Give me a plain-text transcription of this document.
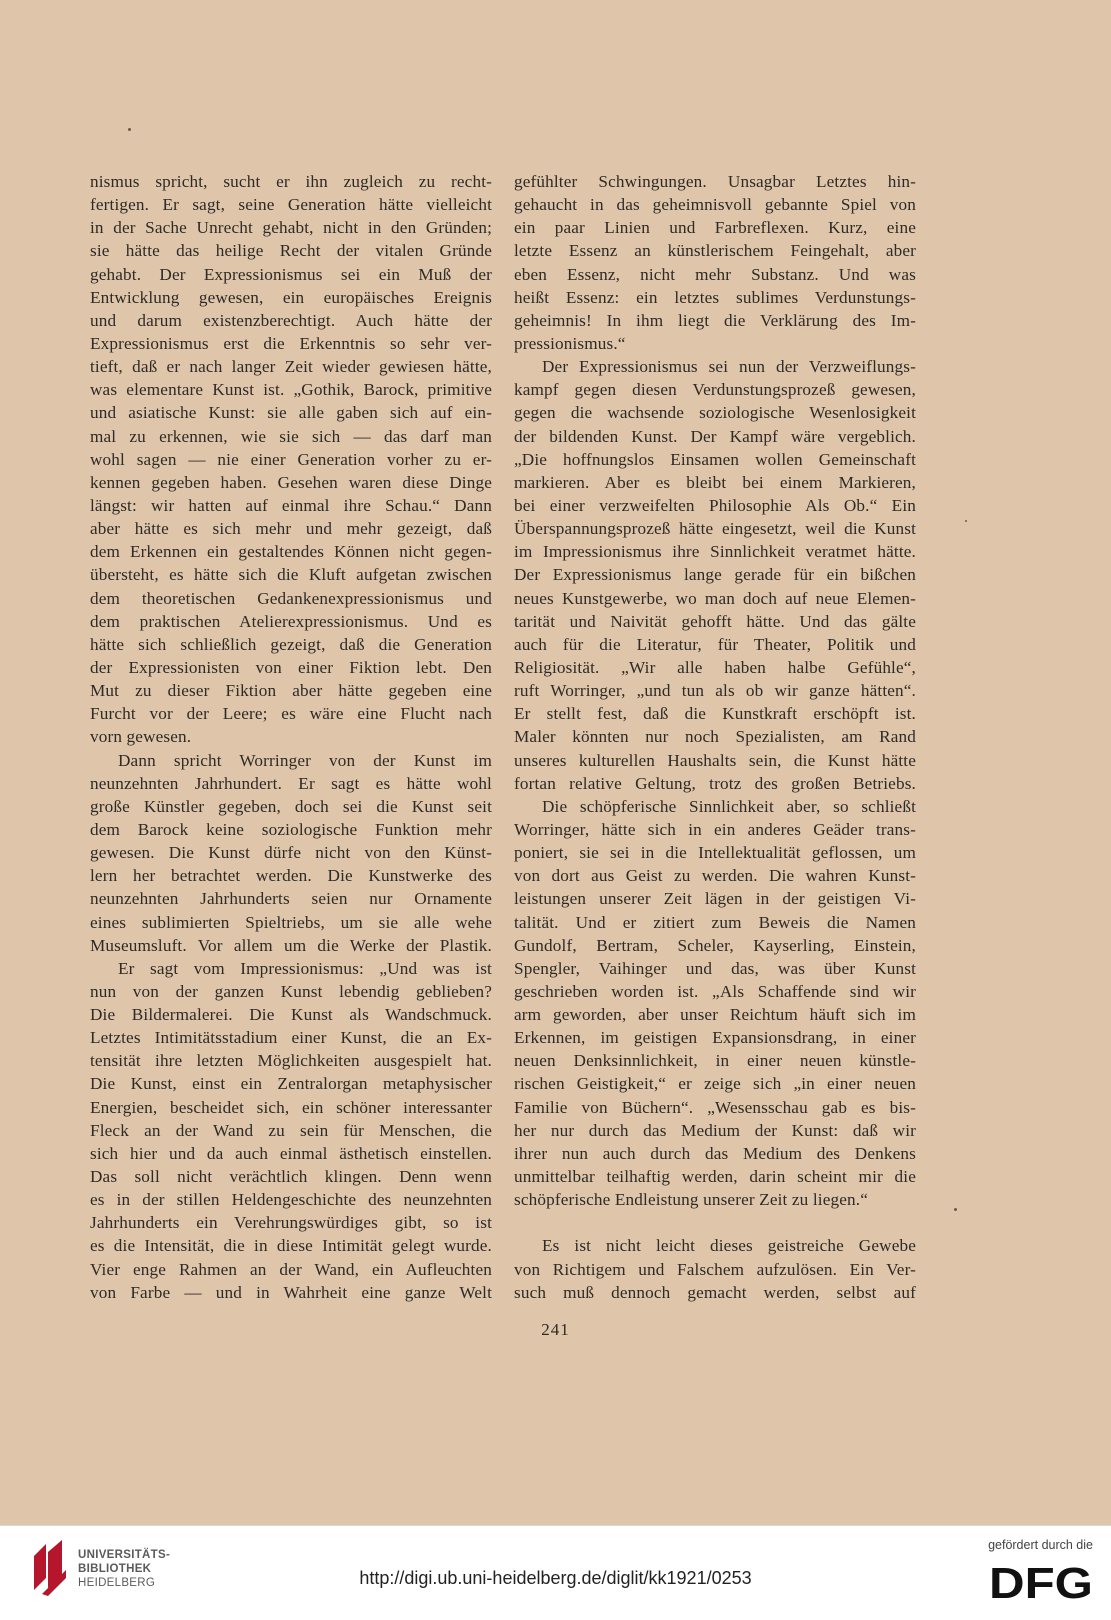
nismus spricht, sucht er ihn zugleich zu recht-
fertigen. Er sagt, seine Generation hätte vielleicht
in der Sache Unrecht gehabt, nicht in den Gründen;
sie hätte das heilige Recht der vitalen Gründe
gehabt. Der Expressionismus sei ein Muß der
Entwicklung gewesen, ein europäisches Ereignis
und darum existenzberechtigt. Auch hätte der
Expressionismus erst die Erkenntnis so sehr ver-
tieft, daß er nach langer Zeit wieder gewiesen hätte,
was elementare Kunst ist. „Gothik, Barock, primitive
und asiatische Kunst: sie alle gaben sich auf ein-
mal zu erkennen, wie sie sich — das darf man
wohl sagen — nie einer Generation vorher zu er-
kennen gegeben haben. Gesehen waren diese Dinge
längst: wir hatten auf einmal ihre Schau.“ Dann
aber hätte es sich mehr und mehr gezeigt, daß
dem Erkennen ein gestaltendes Können nicht gegen-
übersteht, es hätte sich die Kluft aufgetan zwischen
dem theoretischen Gedankenexpressionismus und
dem praktischen Atelierexpressionismus. Und es
hätte sich schließlich gezeigt, daß die Generation
der Expressionisten von einer Fiktion lebt. Den
Mut zu dieser Fiktion aber hätte gegeben eine
Furcht vor der Leere; es wäre eine Flucht nach
vorn gewesen.
Dann spricht Worringer von der Kunst im
neunzehnten Jahrhundert. Er sagt es hätte wohl
große Künstler gegeben, doch sei die Kunst seit
dem Barock keine soziologische Funktion mehr
gewesen. Die Kunst dürfe nicht von den Künst-
lern her betrachtet werden. Die Kunstwerke des
neunzehnten Jahrhunderts seien nur Ornamente
eines sublimierten Spieltriebs, um sie alle wehe
Museumsluft. Vor allem um die Werke der Plastik.
Er sagt vom Impressionismus: „Und was ist
nun von der ganzen Kunst lebendig geblieben?
Die Bildermalerei. Die Kunst als Wandschmuck.
Letztes Intimitätsstadium einer Kunst, die an Ex-
tensität ihre letzten Möglichkeiten ausgespielt hat.
Die Kunst, einst ein Zentralorgan metaphysischer
Energien, bescheidet sich, ein schöner interessanter
Fleck an der Wand zu sein für Menschen, die
sich hier und da auch einmal ästhetisch einstellen.
Das soll nicht verächtlich klingen. Denn wenn
es in der stillen Heldengeschichte des neunzehnten
Jahrhunderts ein Verehrungswürdiges gibt, so ist
es die Intensität, die in diese Intimität gelegt wurde.
Vier enge Rahmen an der Wand, ein Aufleuchten
von Farbe — und in Wahrheit eine ganze Welt
gefühlter Schwingungen. Unsagbar Letztes hin-
gehaucht in das geheimnisvoll gebannte Spiel von
ein paar Linien und Farbreflexen. Kurz, eine
letzte Essenz an künstlerischem Feingehalt, aber
eben Essenz, nicht mehr Substanz. Und was
heißt Essenz: ein letztes sublimes Verdunstungs-
geheimnis! In ihm liegt die Verklärung des Im-
pressionismus.“
Der Expressionismus sei nun der Verzweiflungs-
kampf gegen diesen Verdunstungsprozeß gewesen,
gegen die wachsende soziologische Wesenlosigkeit
der bildenden Kunst. Der Kampf wäre vergeblich.
„Die hoffnungslos Einsamen wollen Gemeinschaft
markieren. Aber es bleibt bei einem Markieren,
bei einer verzweifelten Philosophie Als Ob.“ Ein
Überspannungsprozeß hätte eingesetzt, weil die Kunst
im Impressionismus ihre Sinnlichkeit veratmet hätte.
Der Expressionismus lange gerade für ein bißchen
neues Kunstgewerbe, wo man doch auf neue Elemen-
tarität und Naivität gehofft hätte. Und das gälte
auch für die Literatur, für Theater, Politik und
Religiosität. „Wir alle haben halbe Gefühle“,
ruft Worringer, „und tun als ob wir ganze hätten“.
Er stellt fest, daß die Kunstkraft erschöpft ist.
Maler könnten nur noch Spezialisten, am Rand
unseres kulturellen Haushalts sein, die Kunst hätte
fortan relative Geltung, trotz des großen Betriebs.
Die schöpferische Sinnlichkeit aber, so schließt
Worringer, hätte sich in ein anderes Geäder trans-
poniert, sie sei in die Intellektualität geflossen, um
von dort aus Geist zu werden. Die wahren Kunst-
leistungen unserer Zeit lägen in der geistigen Vi-
talität. Und er zitiert zum Beweis die Namen
Gundolf, Bertram, Scheler, Kayserling, Einstein,
Spengler, Vaihinger und das, was über Kunst
geschrieben worden ist. „Als Schaffende sind wir
arm geworden, aber unser Reichtum häuft sich im
Erkennen, im geistigen Expansionsdrang, in einer
neuen Denksinnlichkeit, in einer neuen künstle-
rischen Geistigkeit,“ er zeige sich „in einer neuen
Familie von Büchern“. „Wesensschau gab es bis-
her nur durch das Medium der Kunst: daß wir
ihrer nun auch durch das Medium des Denkens
unmittelbar teilhaftig werden, darin scheint mir die
schöpferische Endleistung unserer Zeit zu liegen.“
Es ist nicht leicht dieses geistreiche Gewebe
von Richtigem und Falschem aufzulösen. Ein Ver-
such muß dennoch gemacht werden, selbst auf
241
UNIVERSITÄTS-
BIBLIOTHEK
HEIDELBERG	http://digi.ub.uni-heidelberg.de/diglit/kk1921/0253
gefördert durch die
DFG
